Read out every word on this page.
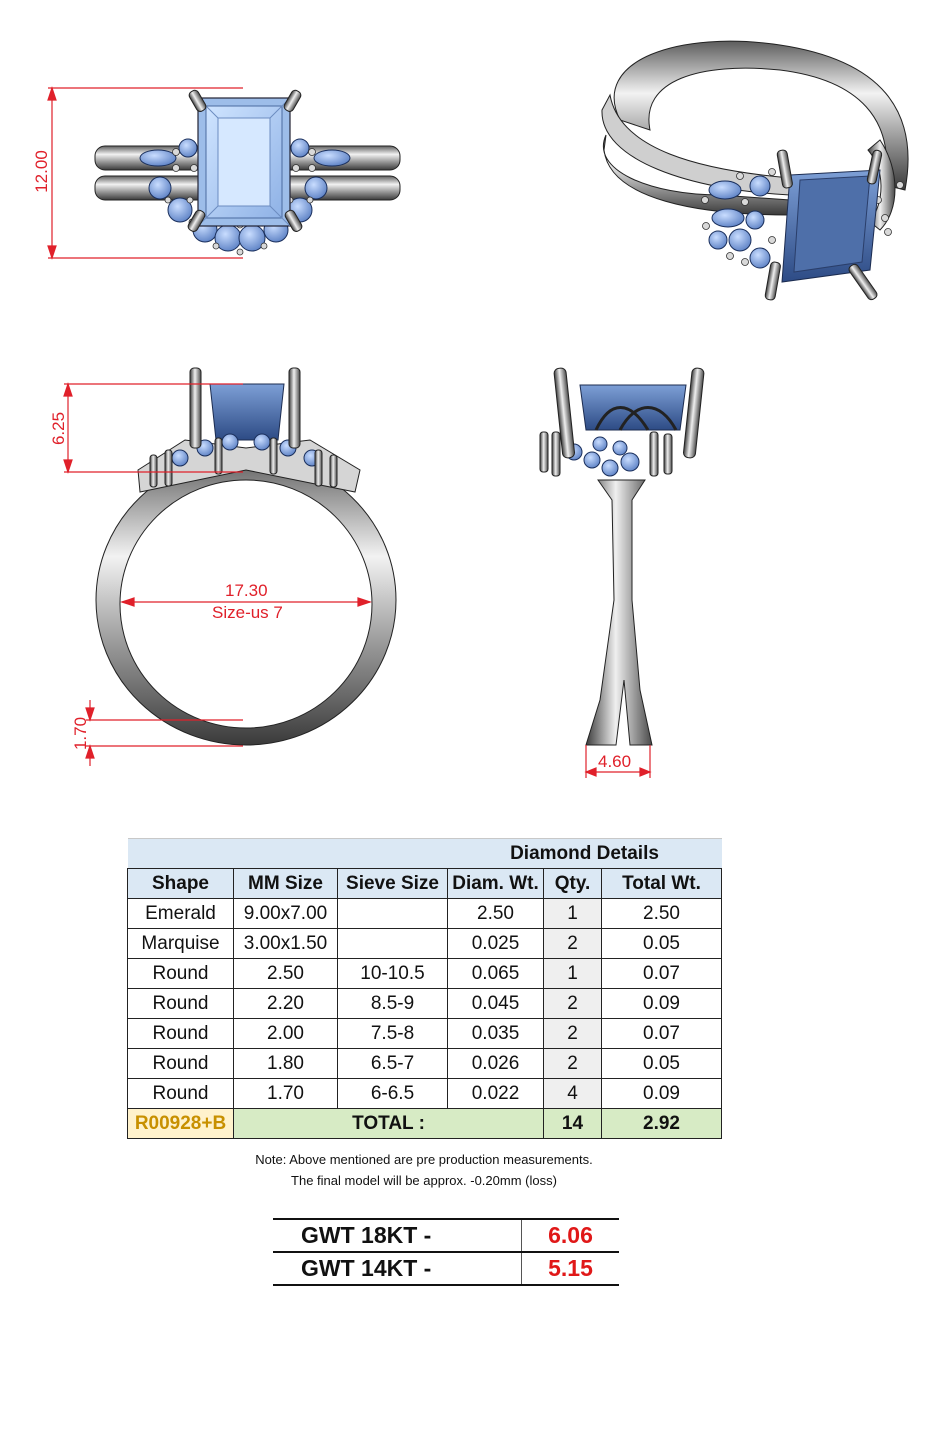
12.00
6.25
17.30
Size-us 7
1.70
4.60
			Diamond Details		
Shape	MM Size	Sieve Size	Diam. Wt.	Qty.	Total Wt.
Emerald	9.00x7.00		2.50	1	2.50
Marquise	3.00x1.50		0.025	2	0.05
Round	2.50	10-10.5	0.065	1	0.07
Round	2.20	8.5-9	0.045	2	0.09
Round	2.00	7.5-8	0.035	2	0.07
Round	1.80	6.5-7	0.026	2	0.05
Round	1.70	6-6.5	0.022	4	0.09
R00928+B	TOTAL :			14	2.92
Note: Above mentioned are pre production measurements.
The final model will be approx. -0.20mm (loss)
GWT 18KT -	6.06
GWT 14KT -	5.15
